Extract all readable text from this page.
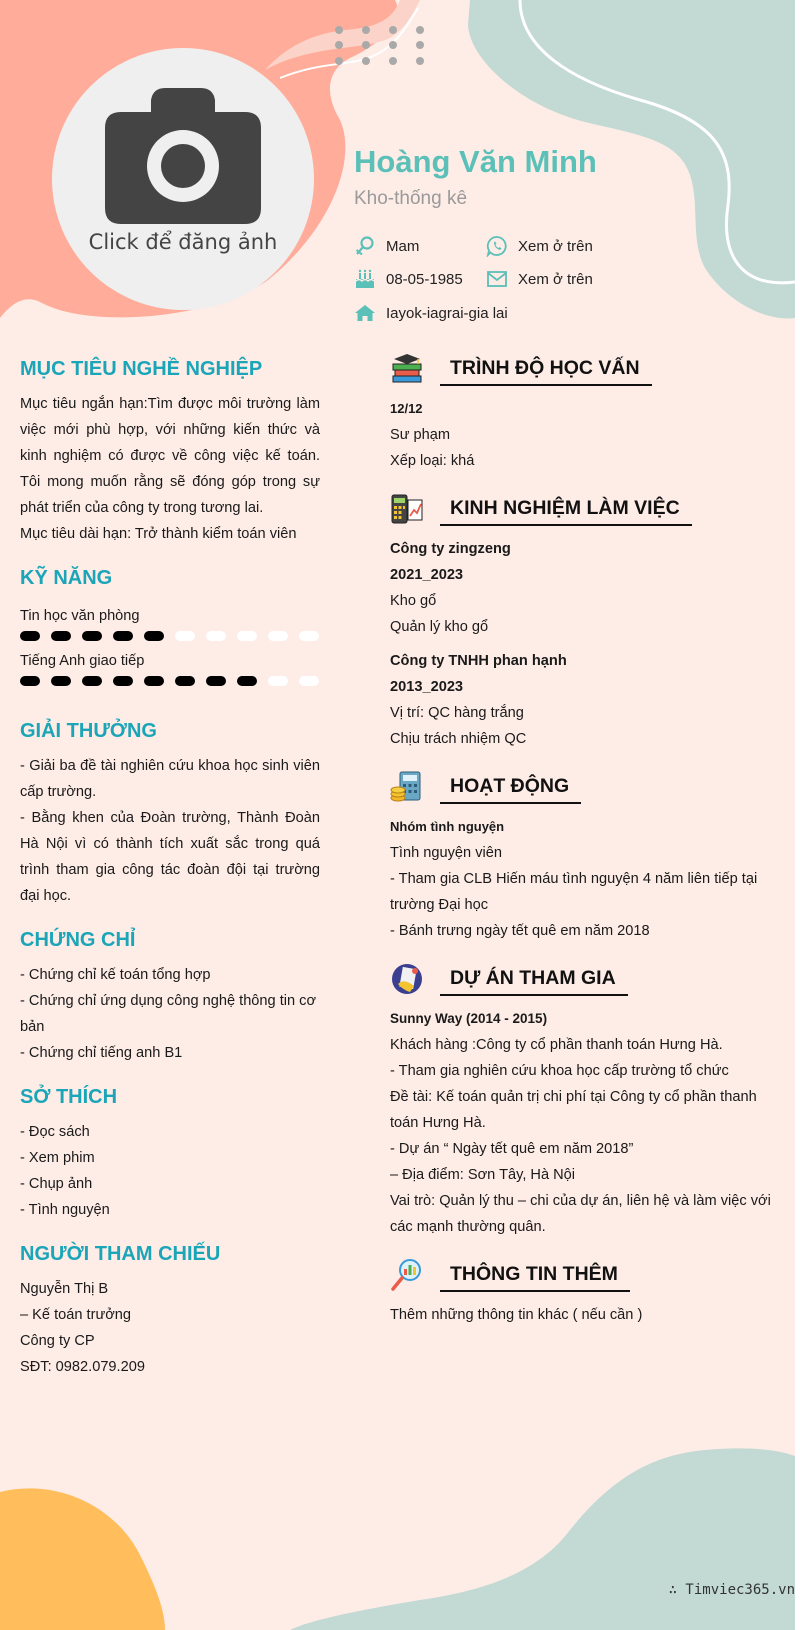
Click để đăng ảnh
Hoàng Văn Minh
Kho-thống kê
Mam	Xem ở trên
08-05-1985	Xem ở trên
Iayok-iagrai-gia lai
MỤC TIÊU NGHỀ NGHIỆP

Mục tiêu ngắn hạn:Tìm được môi trường làm việc mới phù hợp, với những kiến thức và kinh nghiệm có được về công việc kế toán. Tôi mong muốn rằng sẽ đóng góp trong sự phát triển của công ty trong tương lai.

Mục tiêu dài hạn: Trở thành kiểm toán viên

KỸ NĂNG
Tin học văn phòng
Tiếng Anh giao tiếp
GIẢI THƯỞNG

- Giải ba đề tài nghiên cứu khoa học sinh viên cấp trường.

- Bằng khen của Đoàn trường, Thành Đoàn Hà Nội vì có thành tích xuất sắc trong quá trình tham gia công tác đoàn đội tại trường đại học.

CHỨNG CHỈ

- Chứng chỉ kế toán tổng hợp

- Chứng chỉ ứng dụng công nghệ thông tin cơ bản

- Chứng chỉ tiếng anh B1

SỞ THÍCH

- Đọc sách

- Xem phim

- Chụp ảnh

- Tình nguyện

NGƯỜI THAM CHIẾU

Nguyễn Thị B

– Kế toán trưởng

Công ty CP

SĐT: 0982.079.209

TRÌNH ĐỘ HỌC VẤN

12/12

Sư phạm

Xếp loại: khá

KINH NGHIỆM LÀM VIỆC

Công ty zingzeng

2021_2023

Kho gổ

Quản lý kho gổ

Công ty TNHH phan hạnh

2013_2023

Vị trí: QC hàng trắng

Chịu trách nhiệm QC

HOẠT ĐỘNG

Nhóm tình nguyện

Tình nguyện viên

- Tham gia CLB Hiến máu tình nguyện 4 năm liên tiếp tại trường Đại học

- Bánh trưng ngày tết quê em năm 2018

DỰ ÁN THAM GIA

Sunny Way (2014 - 2015)

Khách hàng :Công ty cổ phần thanh toán Hưng Hà.

- Tham gia nghiên cứu khoa học cấp trường tổ chức

Đề tài: Kế toán quản trị chi phí tại Công ty cổ phần thanh toán Hưng Hà.

- Dự án “ Ngày tết quê em năm 2018”

– Địa điểm: Sơn Tây, Hà Nội

Vai trò: Quản lý thu – chi của dự án, liên hệ và làm việc với các mạnh thường quân.

THÔNG TIN THÊM

Thêm những thông tin khác ( nếu cần )

∴ Timviec365.vn
